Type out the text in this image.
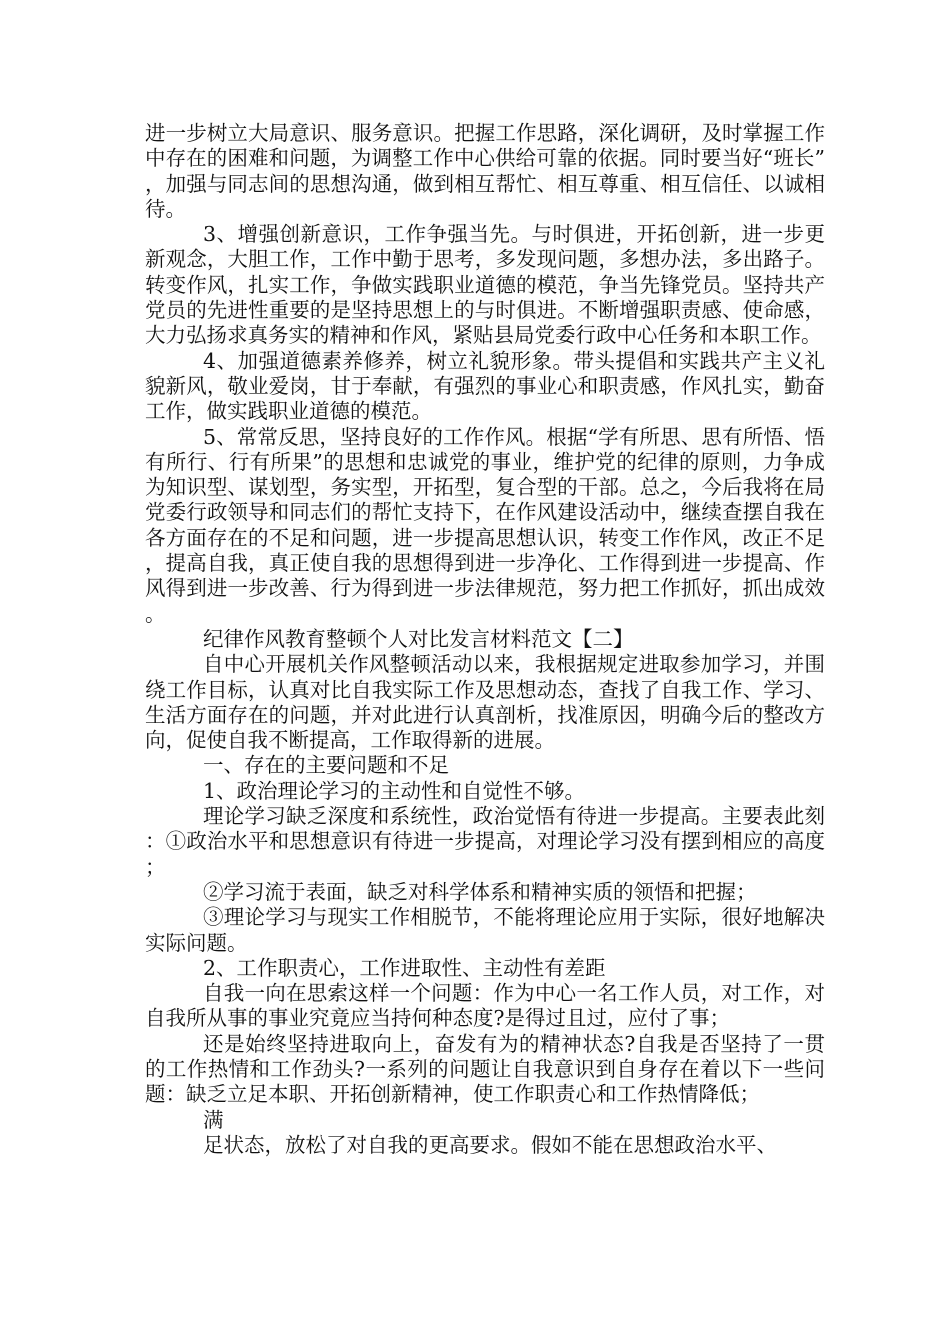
进一步树立大局意识、服务意识。把握工作思路，深化调研，及时掌握工作中存在的困难和问题，为调整工作中心供给可靠的依据。同时要当好“班长”，加强与同志间的思想沟通，做到相互帮忙、相互尊重、相互信任、以诚相待。

3、增强创新意识，工作争强当先。与时俱进，开拓创新，进一步更新观念，大胆工作，工作中勤于思考，多发现问题，多想办法，多出路子。转变作风，扎实工作，争做实践职业道德的模范，争当先锋党员。坚持共产党员的先进性重要的是坚持思想上的与时俱进。不断增强职责感、使命感，大力弘扬求真务实的精神和作风，紧贴县局党委行政中心任务和本职工作。

4、加强道德素养修养，树立礼貌形象。带头提倡和实践共产主义礼貌新风，敬业爱岗，甘于奉献，有强烈的事业心和职责感，作风扎实，勤奋工作，做实践职业道德的模范。

5、常常反思，坚持良好的工作作风。根据“学有所思、思有所悟、悟有所行、行有所果”的思想和忠诚党的事业，维护党的纪律的原则，力争成为知识型、谋划型，务实型，开拓型，复合型的干部。总之，今后我将在局党委行政领导和同志们的帮忙支持下，在作风建设活动中，继续查摆自我在各方面存在的不足和问题，进一步提高思想认识，转变工作作风，改正不足，提高自我，真正使自我的思想得到进一步净化、工作得到进一步提高、作风得到进一步改善、行为得到进一步法律规范，努力把工作抓好，抓出成效。

纪律作风教育整顿个人对比发言材料范文【二】

自中心开展机关作风整顿活动以来，我根据规定进取参加学习，并围绕工作目标，认真对比自我实际工作及思想动态，查找了自我工作、学习、生活方面存在的问题，并对此进行认真剖析，找准原因，明确今后的整改方向，促使自我不断提高，工作取得新的进展。

一、存在的主要问题和不足

1、政治理论学习的主动性和自觉性不够。

理论学习缺乏深度和系统性，政治觉悟有待进一步提高。主要表此刻：①政治水平和思想意识有待进一步提高，对理论学习没有摆到相应的高度；

②学习流于表面，缺乏对科学体系和精神实质的领悟和把握；

③理论学习与现实工作相脱节，不能将理论应用于实际，很好地解决实际问题。

2、工作职责心，工作进取性、主动性有差距

自我一向在思索这样一个问题：作为中心一名工作人员，对工作，对自我所从事的事业究竟应当持何种态度?是得过且过，应付了事；

还是始终坚持进取向上，奋发有为的精神状态?自我是否坚持了一贯的工作热情和工作劲头?一系列的问题让自我意识到自身存在着以下一些问题：缺乏立足本职、开拓创新精神，使工作职责心和工作热情降低；

满

足状态，放松了对自我的更高要求。假如不能在思想政治水平、
